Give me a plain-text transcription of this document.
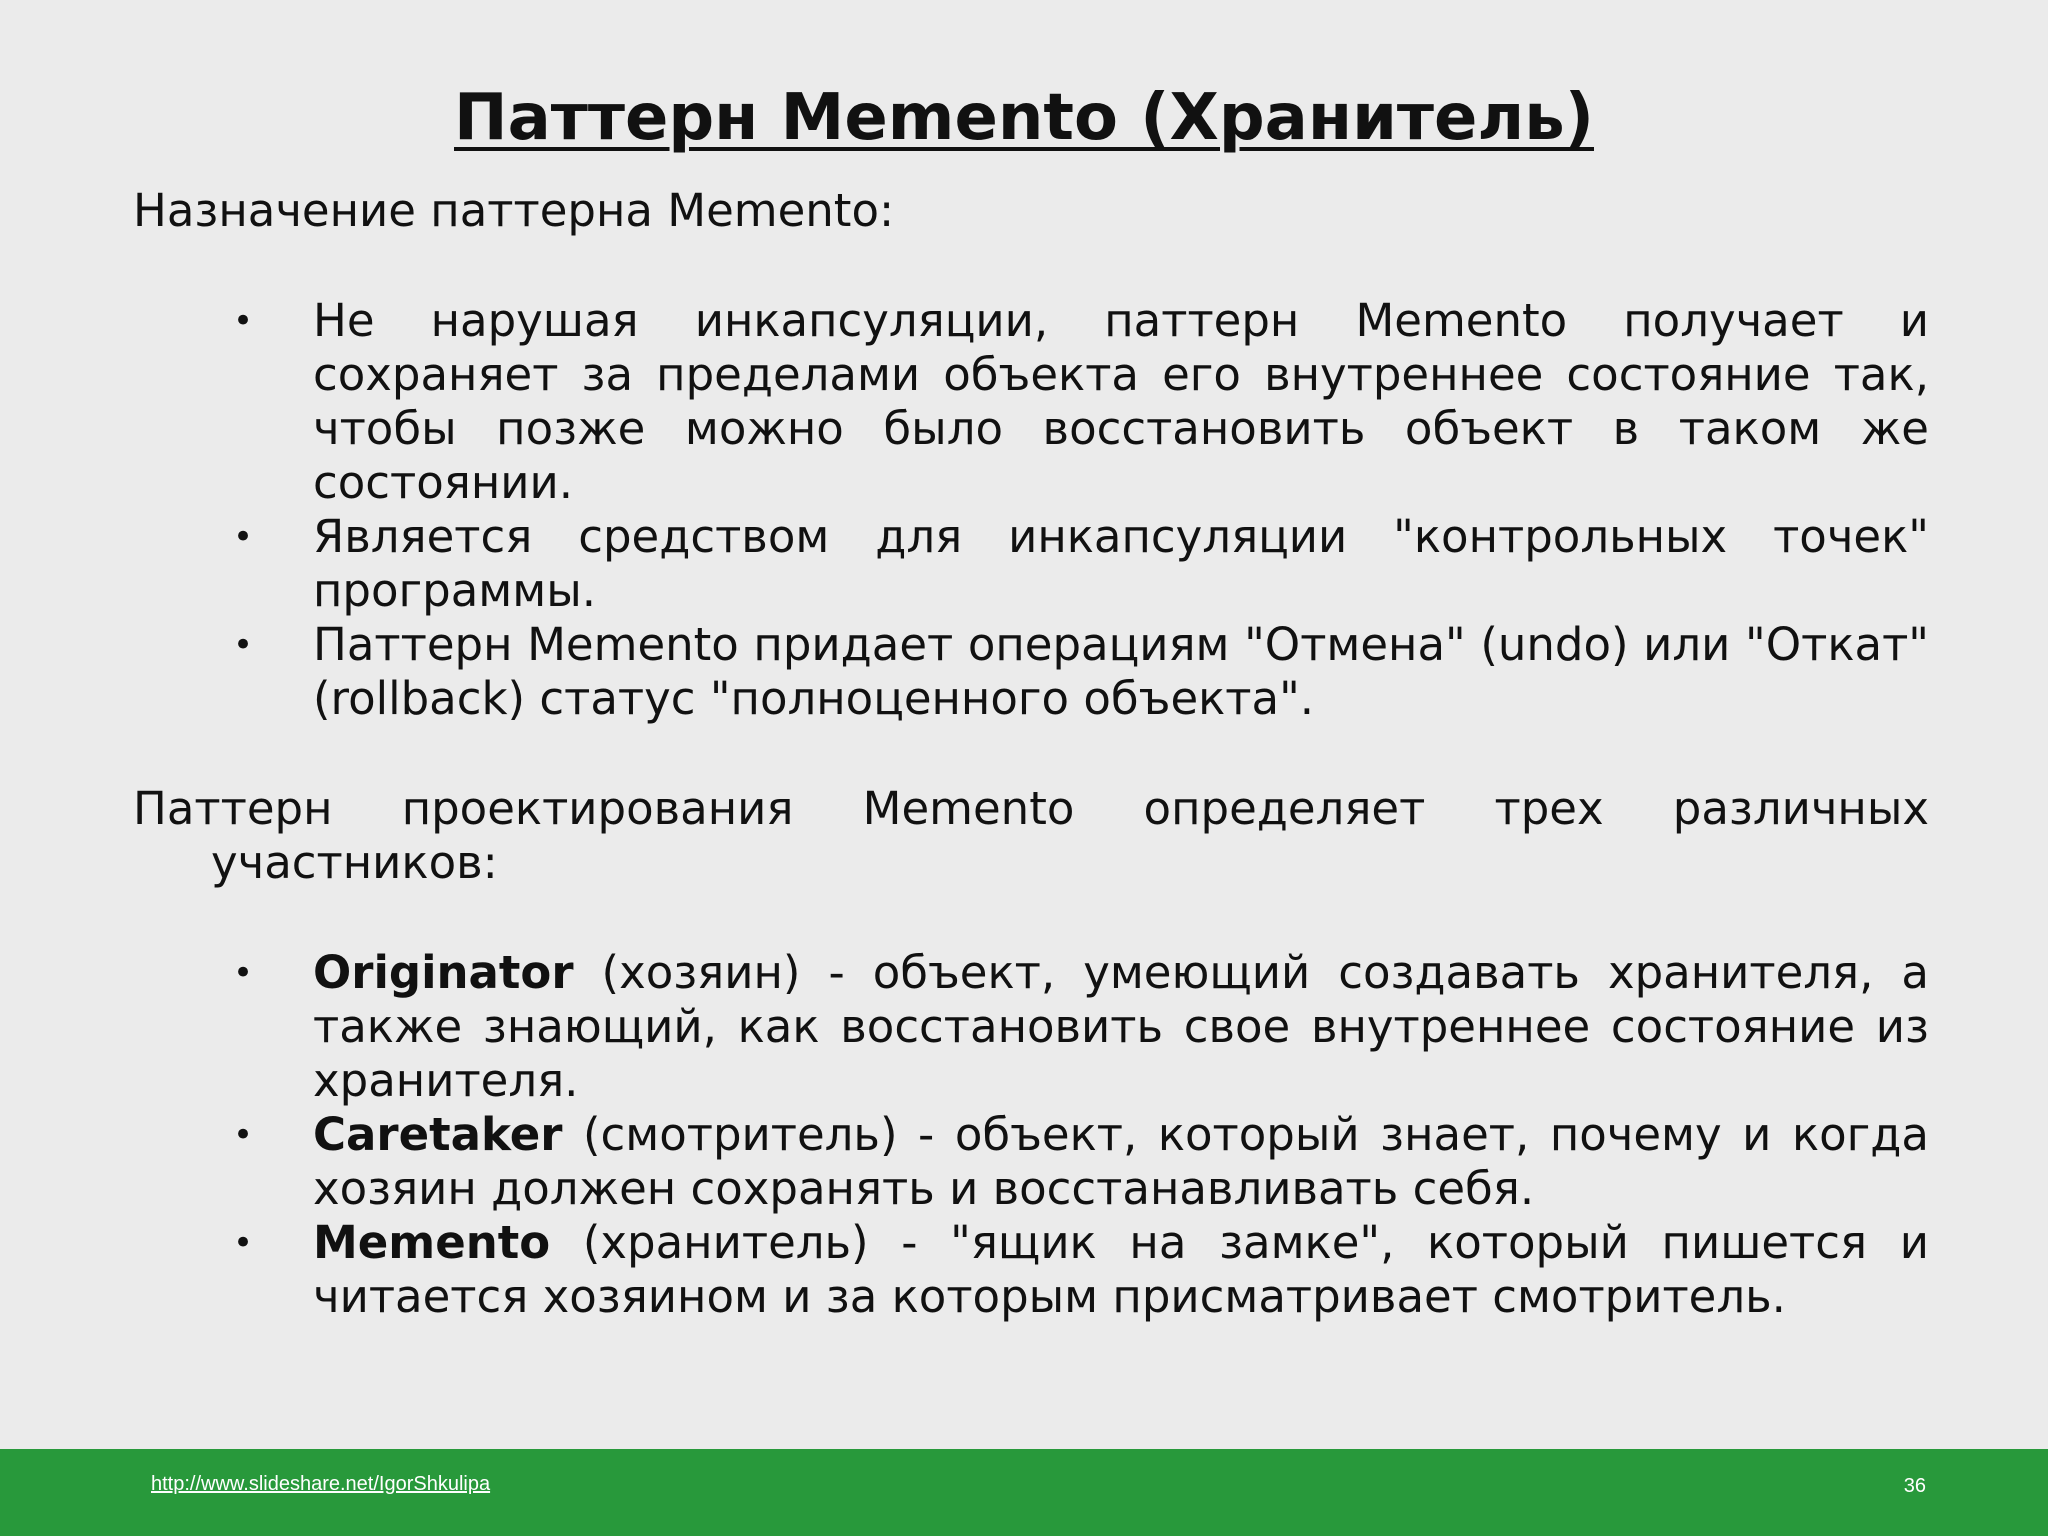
Паттерн Memento (Хранитель)

Назначение паттерна Memento:

•	Не нарушая инкапсуляции, паттерн Memento получает и сохраняет за пределами объекта его внутреннее состояние так, чтобы позже можно было восстановить объект в таком же состоянии.
•	Является средством для инкапсуляции "контрольных точек" программы.
•	Паттерн Memento придает операциям "Отмена" (undo) или "Откат" (rollback) статус "полноценного объекта".

Паттерн проектирования Memento определяет трех различных участников:

•	Originator (хозяин) - объект, умеющий создавать хранителя, а также знающий, как восстановить свое внутреннее состояние из хранителя.
•	Caretaker (смотритель) - объект, который знает, почему и когда хозяин должен сохранять и восстанавливать себя.
•	Memento (хранитель) - "ящик на замке", который пишется и читается хозяином и за которым присматривает смотритель.
http://www.slideshare.net/IgorShkulipa	36
